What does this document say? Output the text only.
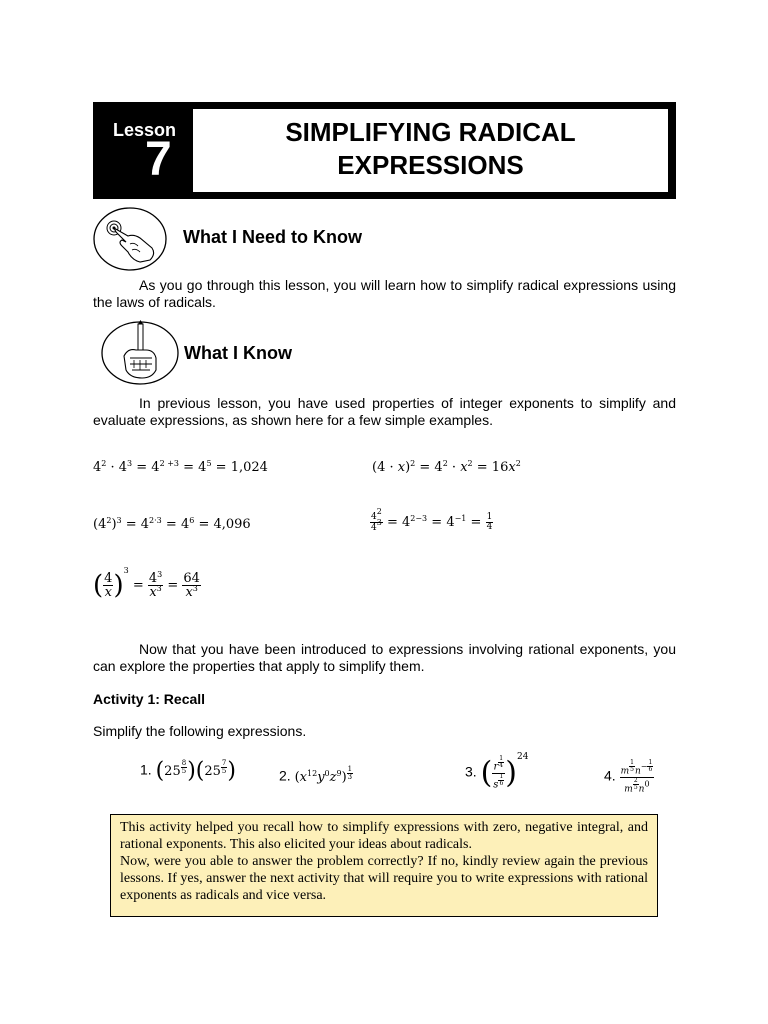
Lesson
7
SIMPLIFYING RADICAL
EXPRESSIONS
What I Need to Know
As you go through this lesson, you will learn how to simplify radical expressions using the laws of radicals.
What I Know
In previous lesson, you have used properties of integer exponents to simplify and evaluate expressions, as shown here for a few simple examples.
$4^2 \cdot 4^3 = 4^{2 +3} = 4^5 = 1,024$	$(4 \cdot x)^2 = 4^2 \cdot x^2 = 16x^2$
$(4^2)^3 = 4^{2\cdot 3} = 4^6 = 4,096$	$\frac{4^2}{4^3} = 4^{2-3} = 4^{-1} = \frac{1}{4}$
( $\frac{4}{x} )^3 = \frac{4^3}{x^3} = \frac{64}{x^3}$
Now that you have been introduced to expressions involving rational exponents, you can explore the properties that apply to simplify them.
Activity 1: Recall
Simplify the following expressions.
1. (25 $^{\frac{8}{5}}$ )(25 $^{\frac{7}{5}}$ )	2. $(x^{12}y^0z^9)$ $^{\frac{1}{3}}$	3. ( r $^{\frac{1}{4}}$
s $^{\frac{1}{6}}$ )$^{24}$
4. m $^{\frac{1}{5}}$ $n^{- \frac{1}{6}}$
m $^{\frac{2}{5}}$ $n^0$
This activity helped you recall how to simplify expressions with zero, negative integral, and rational exponents. This also elicited your ideas about radicals.
Now, were you able to answer the problem correctly? If no, kindly review again the previous lessons. If yes, answer the next activity that will require you to write expressions with rational exponents as radicals and vice versa.
